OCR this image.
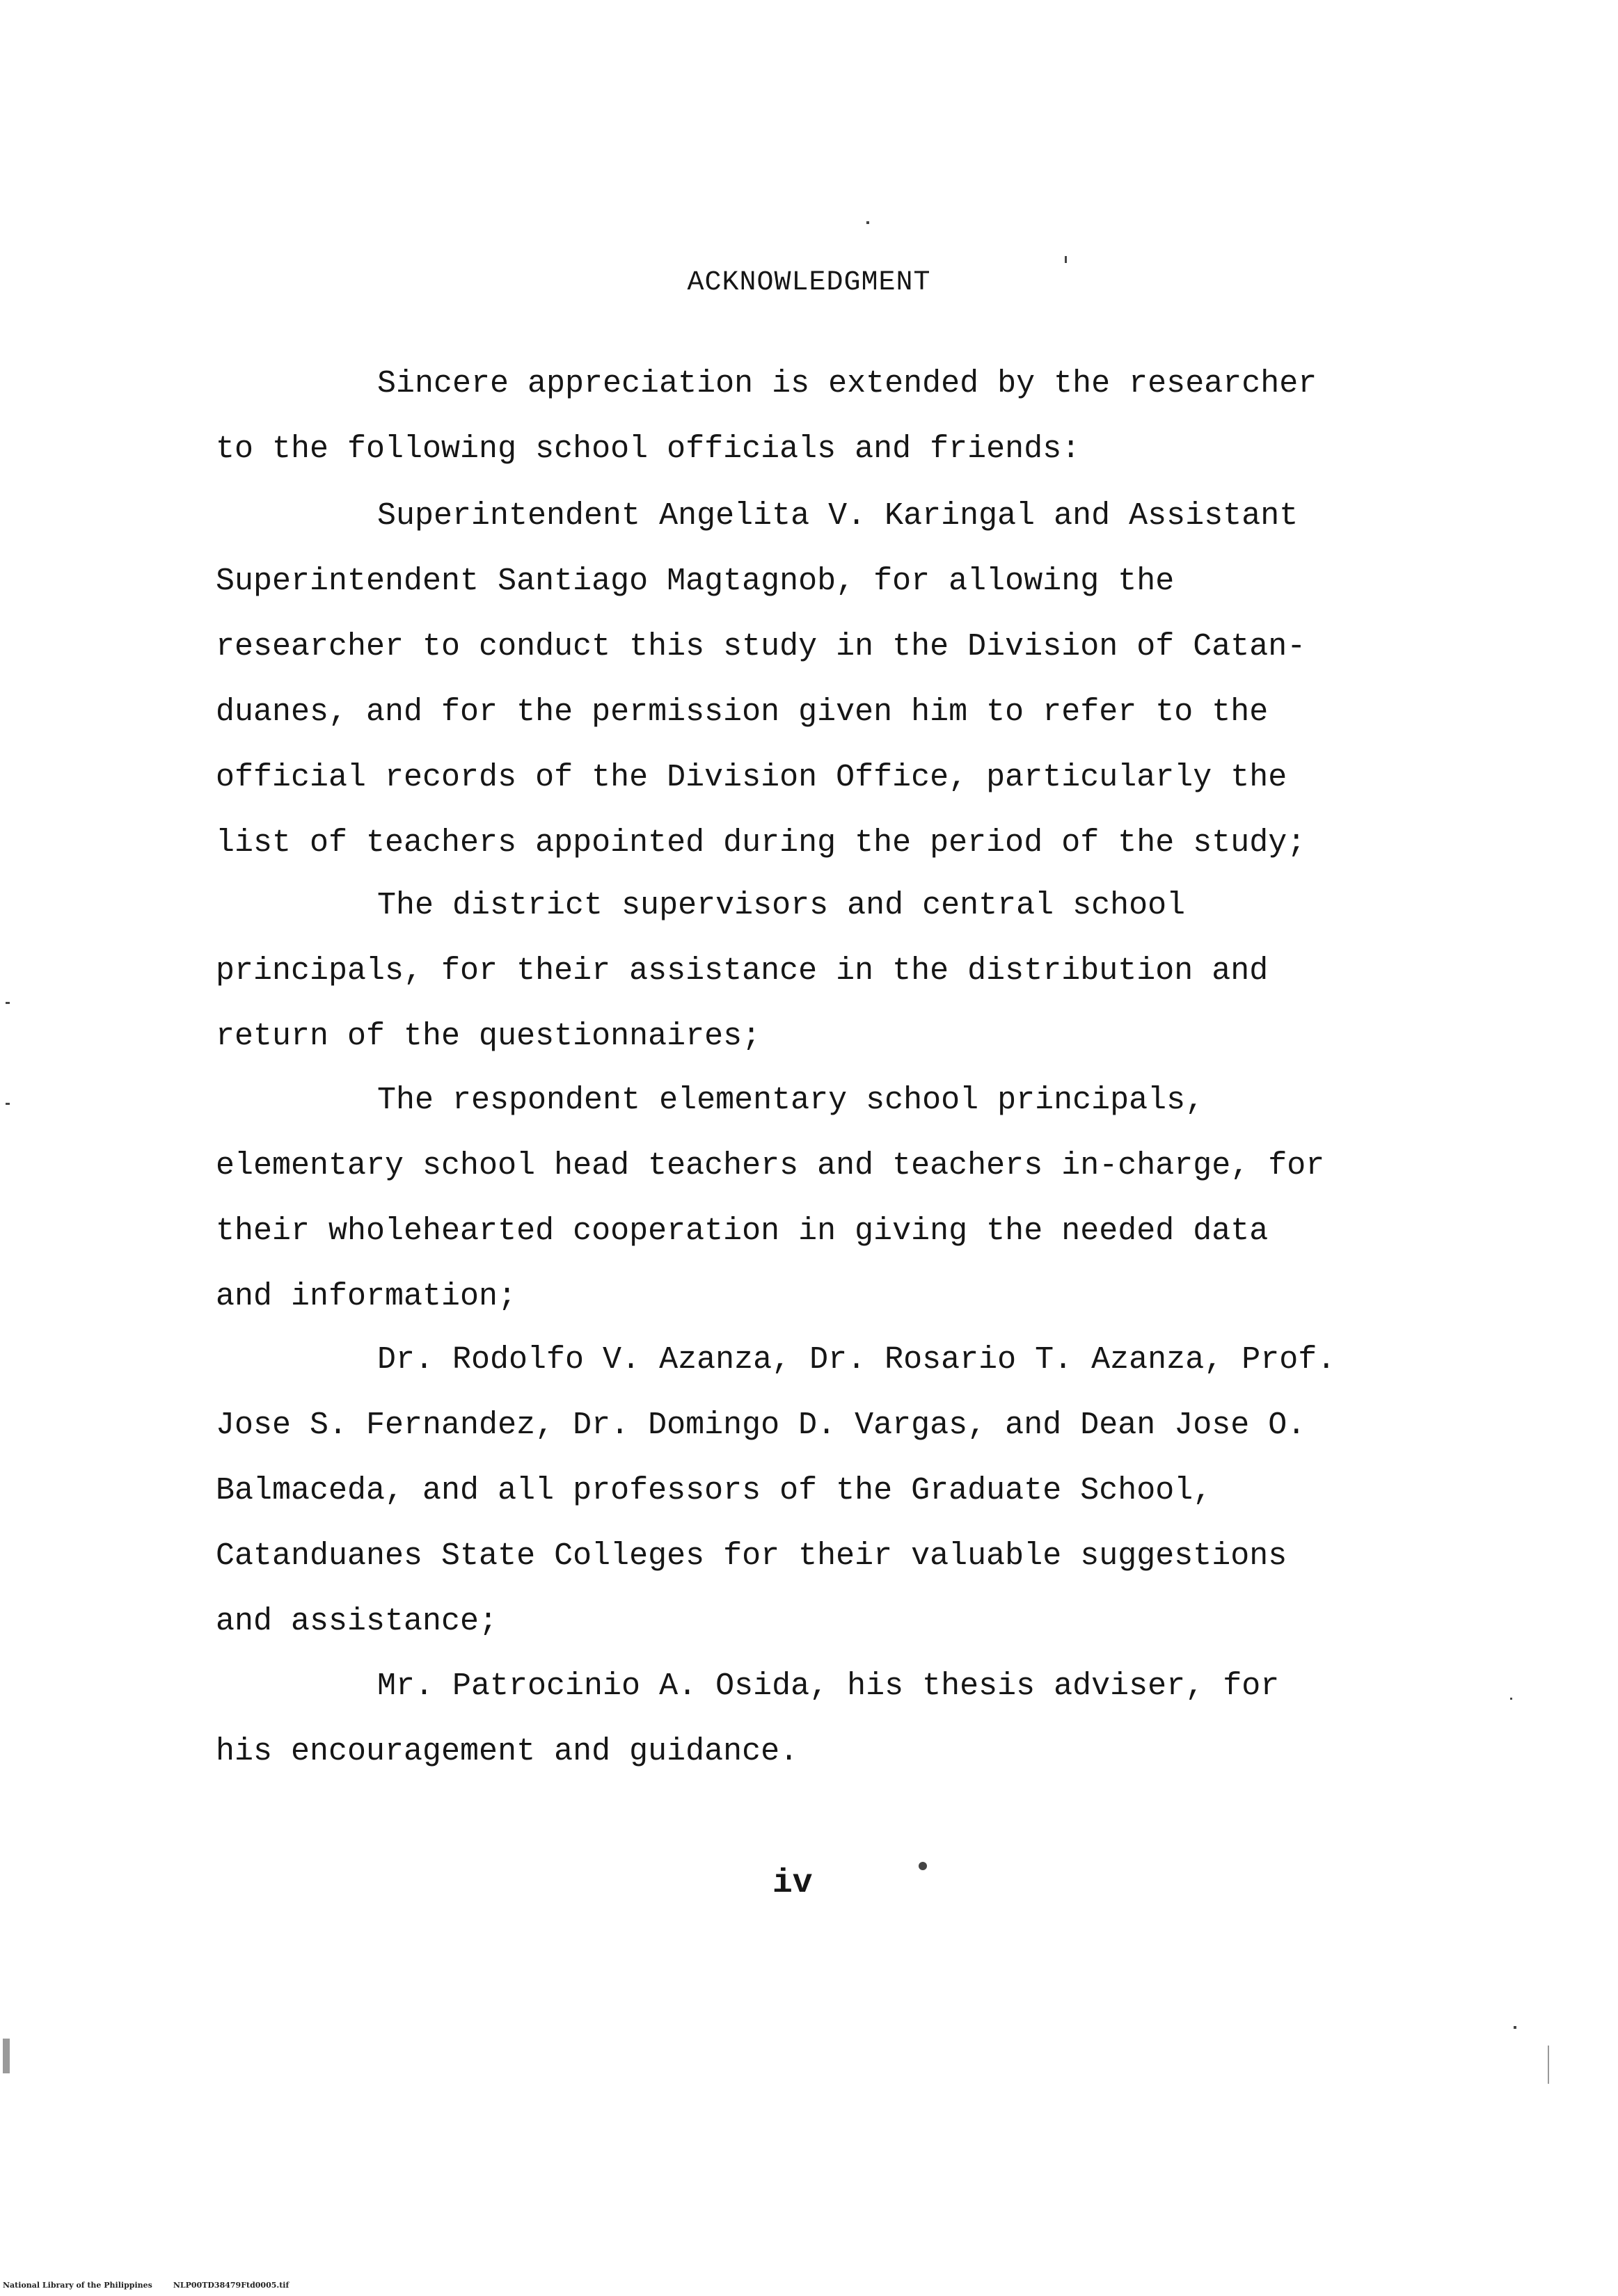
ACKNOWLEDGMENT

Sincere appreciation is extended by the researcher
to the following school officials and friends:

Superintendent Angelita V. Karingal and Assistant
Superintendent Santiago Magtagnob, for allowing the
researcher to conduct this study in the Division of Catan-
duanes, and for the permission given him to refer to the
official records of the Division Office, particularly the
list of teachers appointed during the period of the study;

The district supervisors and central school
principals, for their assistance in the distribution and
return of the questionnaires;

The respondent elementary school principals,
elementary school head teachers and teachers in-charge, for
their wholehearted cooperation in giving the needed data
and information;

Dr. Rodolfo V. Azanza, Dr. Rosario T. Azanza, Prof.
Jose S. Fernandez, Dr. Domingo D. Vargas, and Dean Jose O.
Balmaceda, and all professors of the Graduate School,
Catanduanes State Colleges for their valuable suggestions
and assistance;

Mr. Patrocinio A. Osida, his thesis adviser, for
his encouragement and guidance.

iv

National Library of the Philippines	NLP00TD38479Ftd0005.tif
